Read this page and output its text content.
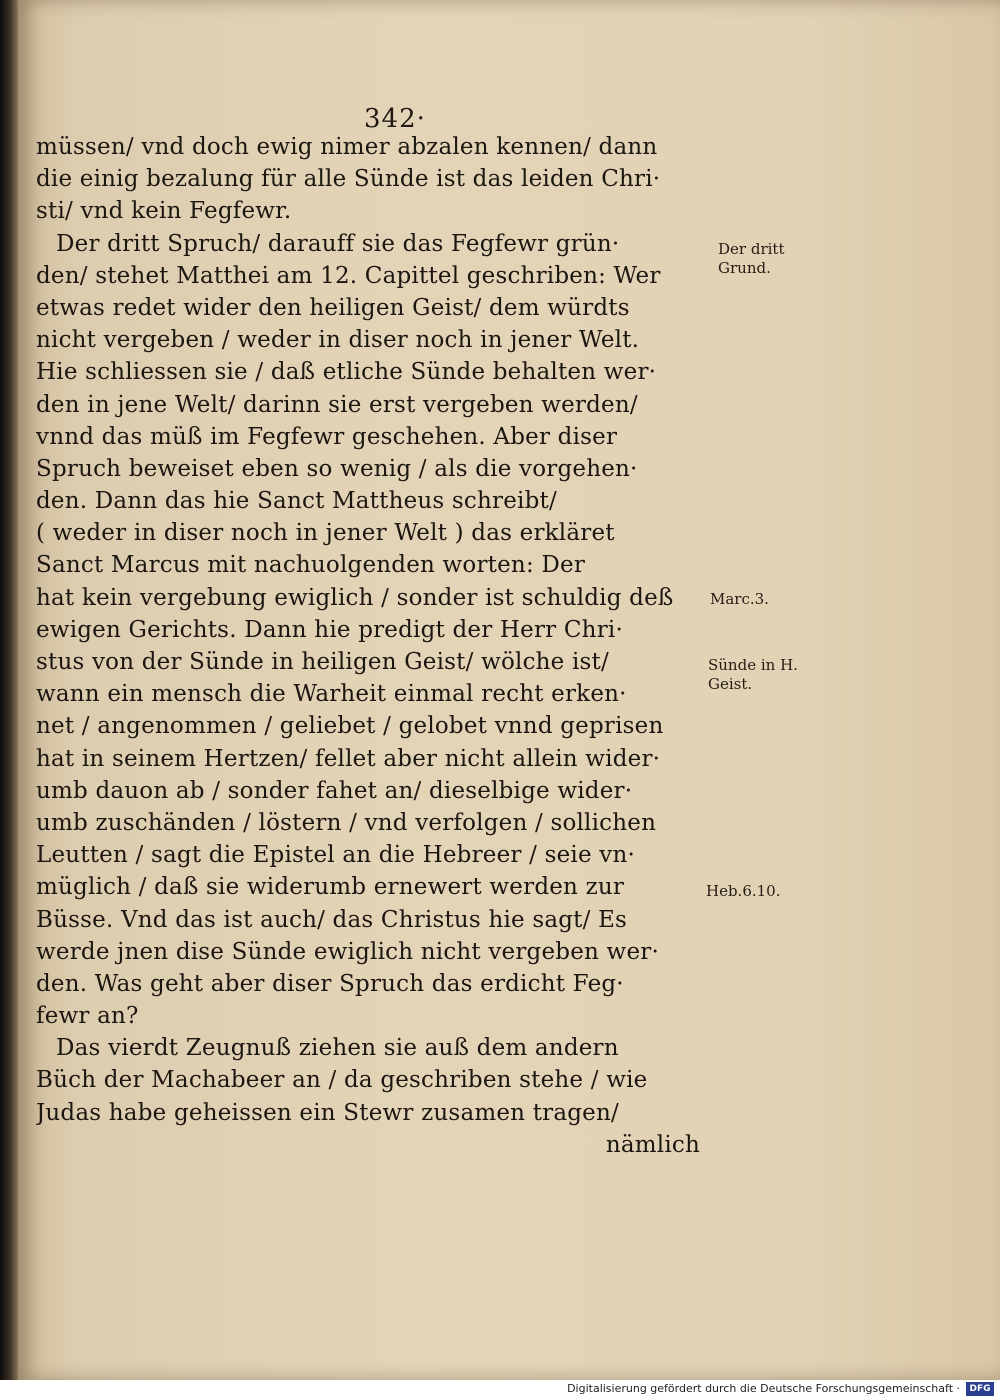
342·
müssen/ vnd doch ewig nimer abzalen kennen/ dann
die einig bezalung für alle Sünde ist das leiden Chri·
sti/ vnd kein Fegfewr.
Der dritt Spruch/ darauff sie das Fegfewr grün·
den/ stehet Matthei am 12. Capittel geschriben: Wer
etwas redet wider den heiligen Geist/ dem würdts
nicht vergeben / weder in diser noch in jener Welt.
Hie schliessen sie / daß etliche Sünde behalten wer·
den in jene Welt/ darinn sie erst vergeben werden/
vnnd das müß im Fegfewr geschehen. Aber diser
Spruch beweiset eben so wenig / als die vorgehen·
den. Dann das hie Sanct Mattheus schreibt/
( weder in diser noch in jener Welt ) das erkläret
Sanct Marcus mit nachuolgenden worten: Der
hat kein vergebung ewiglich / sonder ist schuldig deß
ewigen Gerichts. Dann hie predigt der Herr Chri·
stus von der Sünde in heiligen Geist/ wölche ist/
wann ein mensch die Warheit einmal recht erken·
net / angenommen / geliebet / gelobet vnnd geprisen
hat in seinem Hertzen/ fellet aber nicht allein wider·
umb dauon ab / sonder fahet an/ dieselbige wider·
umb zuschänden / löstern / vnd verfolgen / sollichen
Leutten / sagt die Epistel an die Hebreer / seie vn·
müglich / daß sie widerumb ernewert werden zur
Büsse. Vnd das ist auch/ das Christus hie sagt/ Es
werde jnen dise Sünde ewiglich nicht vergeben wer·
den. Was geht aber diser Spruch das erdicht Feg·
fewr an?
Das vierdt Zeugnuß ziehen sie auß dem andern
Büch der Machabeer an / da geschriben stehe / wie
Judas habe geheissen ein Stewr zusamen tragen/
nämlich
Der dritt
Grund.
Marc.3.
Sünde in H.
Geist.
Heb.6.10.
Digitalisierung gefördert durch die Deutsche Forschungsgemeinschaft ·	DFG
